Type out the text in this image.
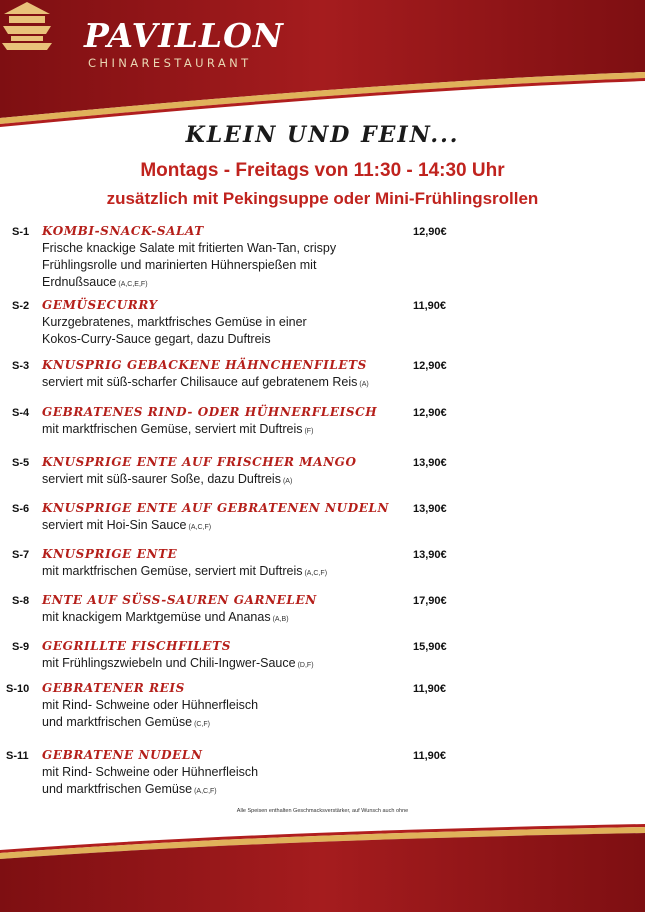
PAVILLON
CHINARESTAURANT
KLEIN UND FEIN...
Montags - Freitags von 11:30 - 14:30 Uhr
zusätzlich mit Pekingsuppe oder Mini-Frühlingsrollen
S-1 KOMBI-SNACK-SALAT	12,90€
Frische knackige Salate mit fritierten Wan-Tan, crispy
Frühlingsrolle und marinierten Hühnerspießen mit
Erdnußsauce (A,C,E,F)
S-2 GEMÜSECURRY	11,90€
Kurzgebratenes, marktfrisches Gemüse in einer
Kokos-Curry-Sauce gegart, dazu Duftreis
S-3 KNUSPRIG GEBACKENE HÄHNCHENFILETS	12,90€
serviert mit süß-scharfer Chilisauce auf gebratenem Reis (A)
S-4 GEBRATENES RIND- ODER HÜHNERFLEISCH	12,90€
mit marktfrischen Gemüse, serviert mit Duftreis (F)
S-5 KNUSPRIGE ENTE AUF FRISCHER MANGO	13,90€
serviert mit süß-saurer Soße, dazu Duftreis (A)
S-6 KNUSPRIGE ENTE AUF GEBRATENEN NUDELN 13,90€
serviert mit Hoi-Sin Sauce (A,C,F)
S-7 KNUSPRIGE ENTE	13,90€
mit marktfrischen Gemüse, serviert mit Duftreis (A,C,F)
S-8 ENTE AUF SÜSS-SAUREN GARNELEN	17,90€
mit knackigem Marktgemüse und Ananas (A,B)
S-9 GEGRILLTE FISCHFILETS	15,90€
mit Frühlingszwiebeln und Chili-Ingwer-Sauce (D,F)
S-10 GEBRATENER REIS	11,90€
mit Rind- Schweine oder Hühnerfleisch
und marktfrischen Gemüse (C,F)
S-11 GEBRATENE NUDELN	11,90€
mit Rind- Schweine oder Hühnerfleisch
und marktfrischen Gemüse (A,C,F)
Alle Speisen enthalten Geschmacksverstärker, auf Wunsch auch ohne
